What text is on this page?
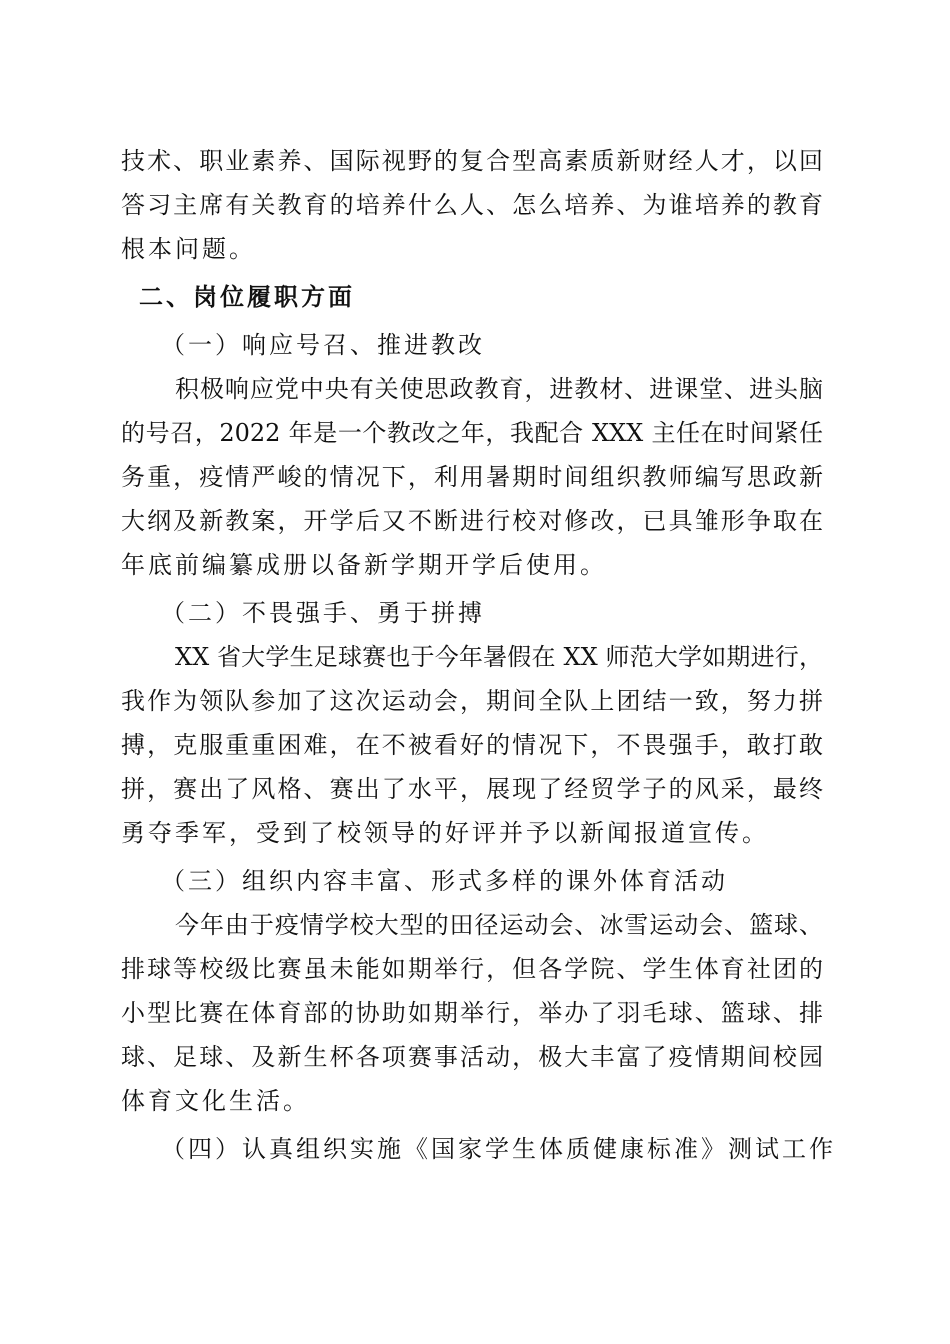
技术、职业素养、国际视野的复合型高素质新财经人才，以回
答习主席有关教育的培养什么人、怎么培养、为谁培养的教育
根本问题。
二、岗位履职方面
（一）响应号召、推进教改
积极响应党中央有关使思政教育，进教材、进课堂、进头脑
的号召，2022 年是一个教改之年，我配合 XXX 主任在时间紧任
务重，疫情严峻的情况下，利用暑期时间组织教师编写思政新
大纲及新教案，开学后又不断进行校对修改，已具雏形争取在
年底前编纂成册以备新学期开学后使用。
（二）不畏强手、勇于拼搏
XX 省大学生足球赛也于今年暑假在 XX 师范大学如期进行，
我作为领队参加了这次运动会，期间全队上团结一致，努力拼
搏，克服重重困难，在不被看好的情况下，不畏强手，敢打敢
拼，赛出了风格、赛出了水平，展现了经贸学子的风采，最终
勇夺季军，受到了校领导的好评并予以新闻报道宣传。
（三）组织内容丰富、形式多样的课外体育活动
今年由于疫情学校大型的田径运动会、冰雪运动会、篮球、
排球等校级比赛虽未能如期举行，但各学院、学生体育社团的
小型比赛在体育部的协助如期举行，举办了羽毛球、篮球、排
球、足球、及新生杯各项赛事活动，极大丰富了疫情期间校园
体育文化生活。
（四）认真组织实施《国家学生体质健康标准》测试工作
